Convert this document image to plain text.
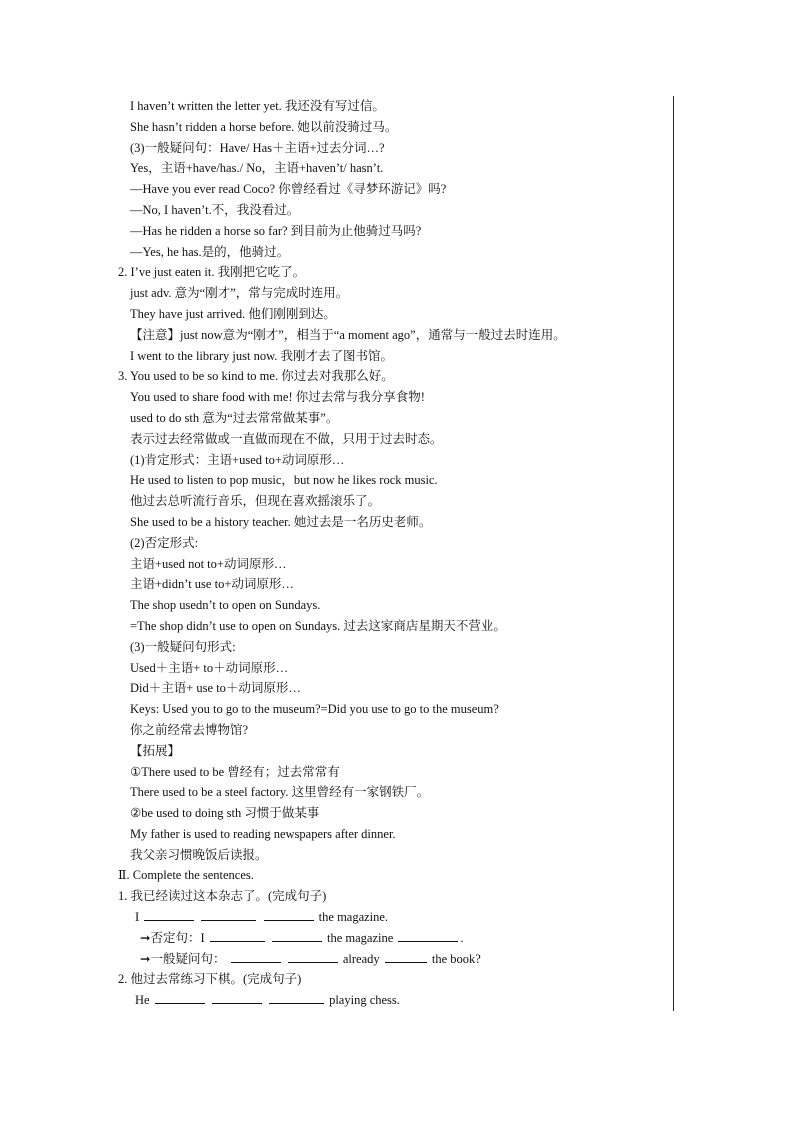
I haven’t written the letter yet. 我还没有写过信。
She hasn’t ridden a horse before. 她以前没骑过马。
(3)一般疑问句：Have/ Has＋主语+过去分词…?
Yes，主语+have/has./ No，主语+haven’t/ hasn’t.
—Have you ever read Coco? 你曾经看过《寻梦环游记》吗?
—No, I haven’t.不，我没看过。
—Has he ridden a horse so far? 到目前为止他骑过马吗?
—Yes, he has.是的，他骑过。
2. I’ve just eaten it. 我刚把它吃了。
just adv. 意为“刚才”，常与完成时连用。
They have just arrived. 他们刚刚到达。
【注意】just now意为“刚才”，相当于“a moment ago”，通常与一般过去时连用。
I went to the library just now. 我刚才去了图书馆。
3. You used to be so kind to me. 你过去对我那么好。
You used to share food with me! 你过去常与我分享食物!
used to do sth 意为“过去常常做某事”。
表示过去经常做或一直做而现在不做，只用于过去时态。
(1)肯定形式：主语+used to+动词原形…
He used to listen to pop music，but now he likes rock music.
他过去总听流行音乐，但现在喜欢摇滚乐了。
She used to be a history teacher. 她过去是一名历史老师。
(2)否定形式:
主语+used not to+动词原形…
主语+didn’t use to+动词原形…
The shop usedn’t to open on Sundays.
=The shop didn’t use to open on Sundays. 过去这家商店星期天不营业。
(3)一般疑问句形式:
Used＋主语+ to＋动词原形…
Did＋主语+ use to＋动词原形…
Keys: Used you to go to the museum?=Did you use to go to the museum?
你之前经常去博物馆?
【拓展】
①There used to be 曾经有；过去常常有
There used to be a steel factory. 这里曾经有一家钢铁厂。
②be used to doing sth 习惯于做某事
My father is used to reading newspapers after dinner.
我父亲习惯晚饭后读报。
Ⅱ. Complete the sentences.
1. 我已经读过这本杂志了。(完成句子)
I	the magazine.
➞否定句：I	the magazine	.
➞一般疑问句：	already	the book?
2. 他过去常练习下棋。(完成句子)
He	playing chess.
